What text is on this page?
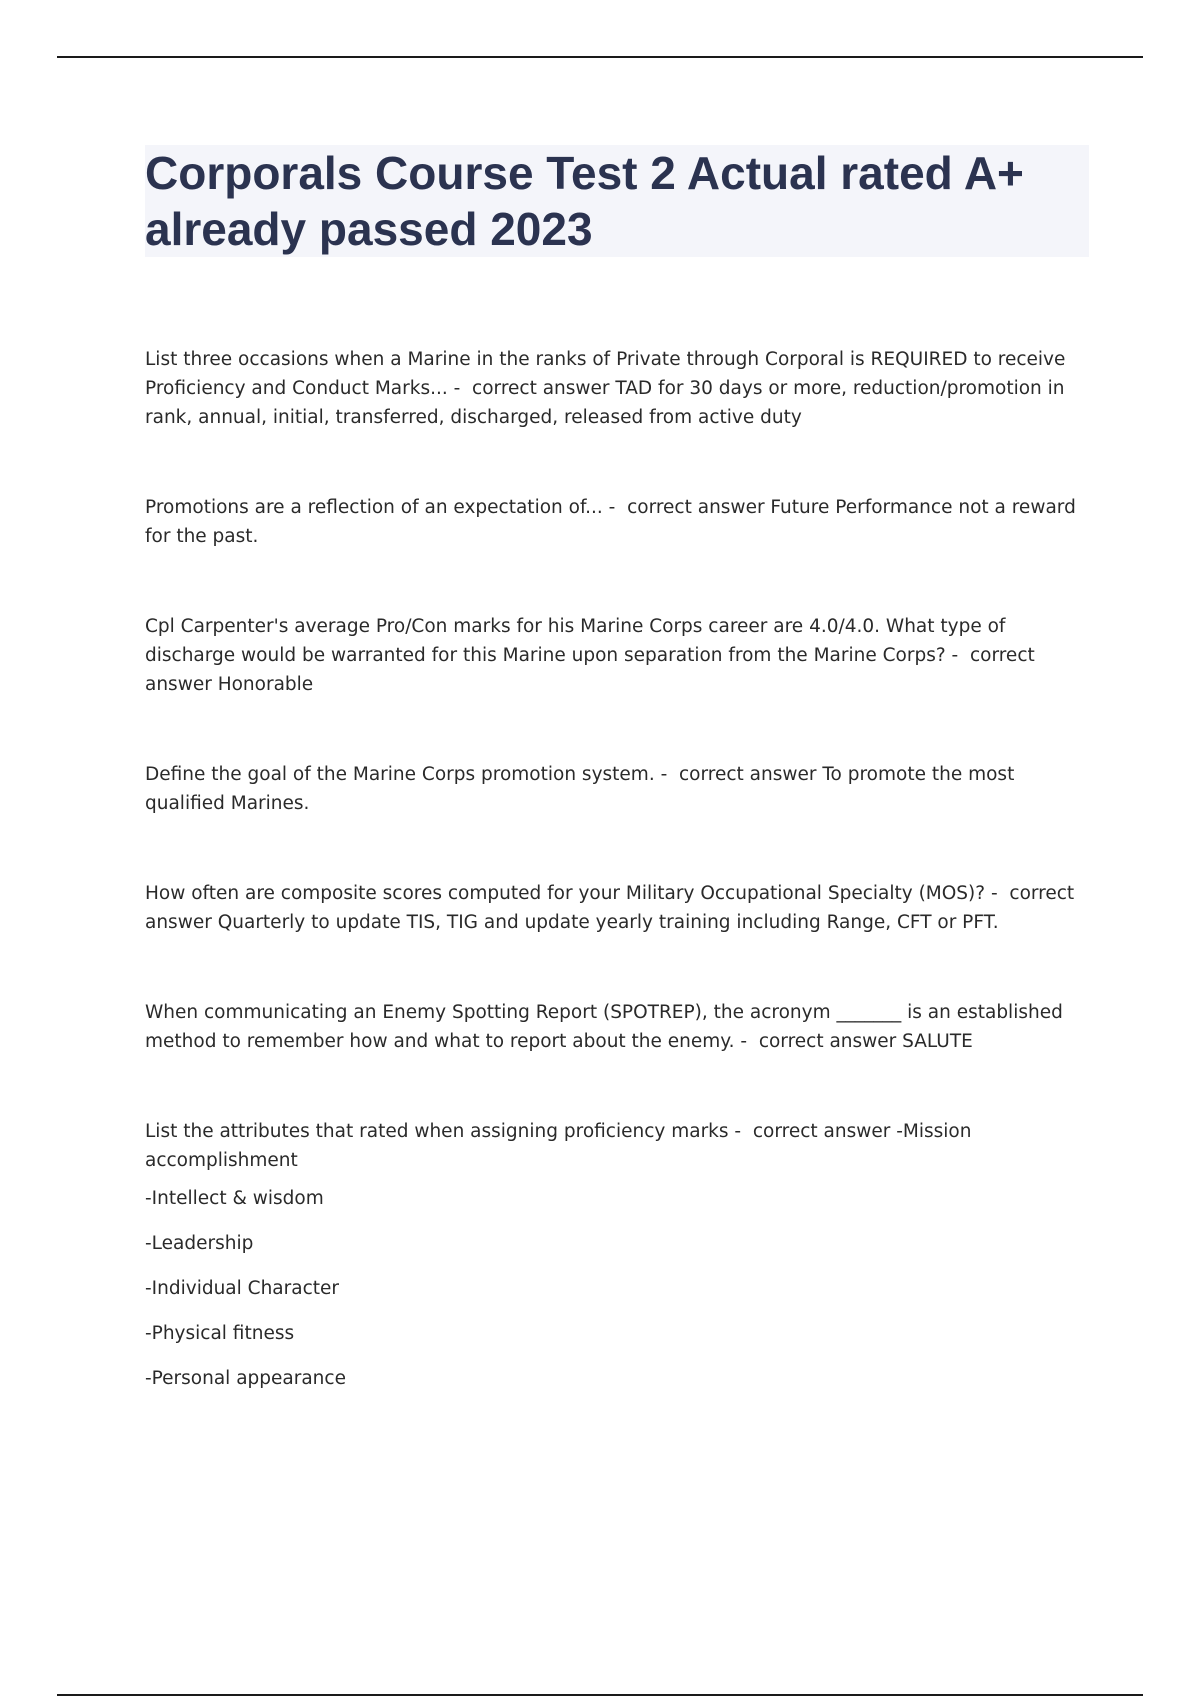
Corporals Course Test 2 Actual rated A+ already passed 2023

List three occasions when a Marine in the ranks of Private through Corporal is REQUIRED to receive Proficiency and Conduct Marks... -  correct answer TAD for 30 days or more, reduction/promotion in rank, annual, initial, transferred, discharged, released from active duty

Promotions are a reflection of an expectation of... -  correct answer Future Performance not a reward for the past.

Cpl Carpenter's average Pro/Con marks for his Marine Corps career are 4.0/4.0. What type of discharge would be warranted for this Marine upon separation from the Marine Corps? -  correct answer Honorable

Define the goal of the Marine Corps promotion system. -  correct answer To promote the most qualified Marines.

How often are composite scores computed for your Military Occupational Specialty (MOS)? -  correct answer Quarterly to update TIS, TIG and update yearly training including Range, CFT or PFT.

When communicating an Enemy Spotting Report (SPOTREP), the acronym _______ is an established method to remember how and what to report about the enemy. -  correct answer SALUTE

List the attributes that rated when assigning proficiency marks -  correct answer -Mission accomplishment

-Intellect & wisdom

-Leadership

-Individual Character

-Physical fitness

-Personal appearance
